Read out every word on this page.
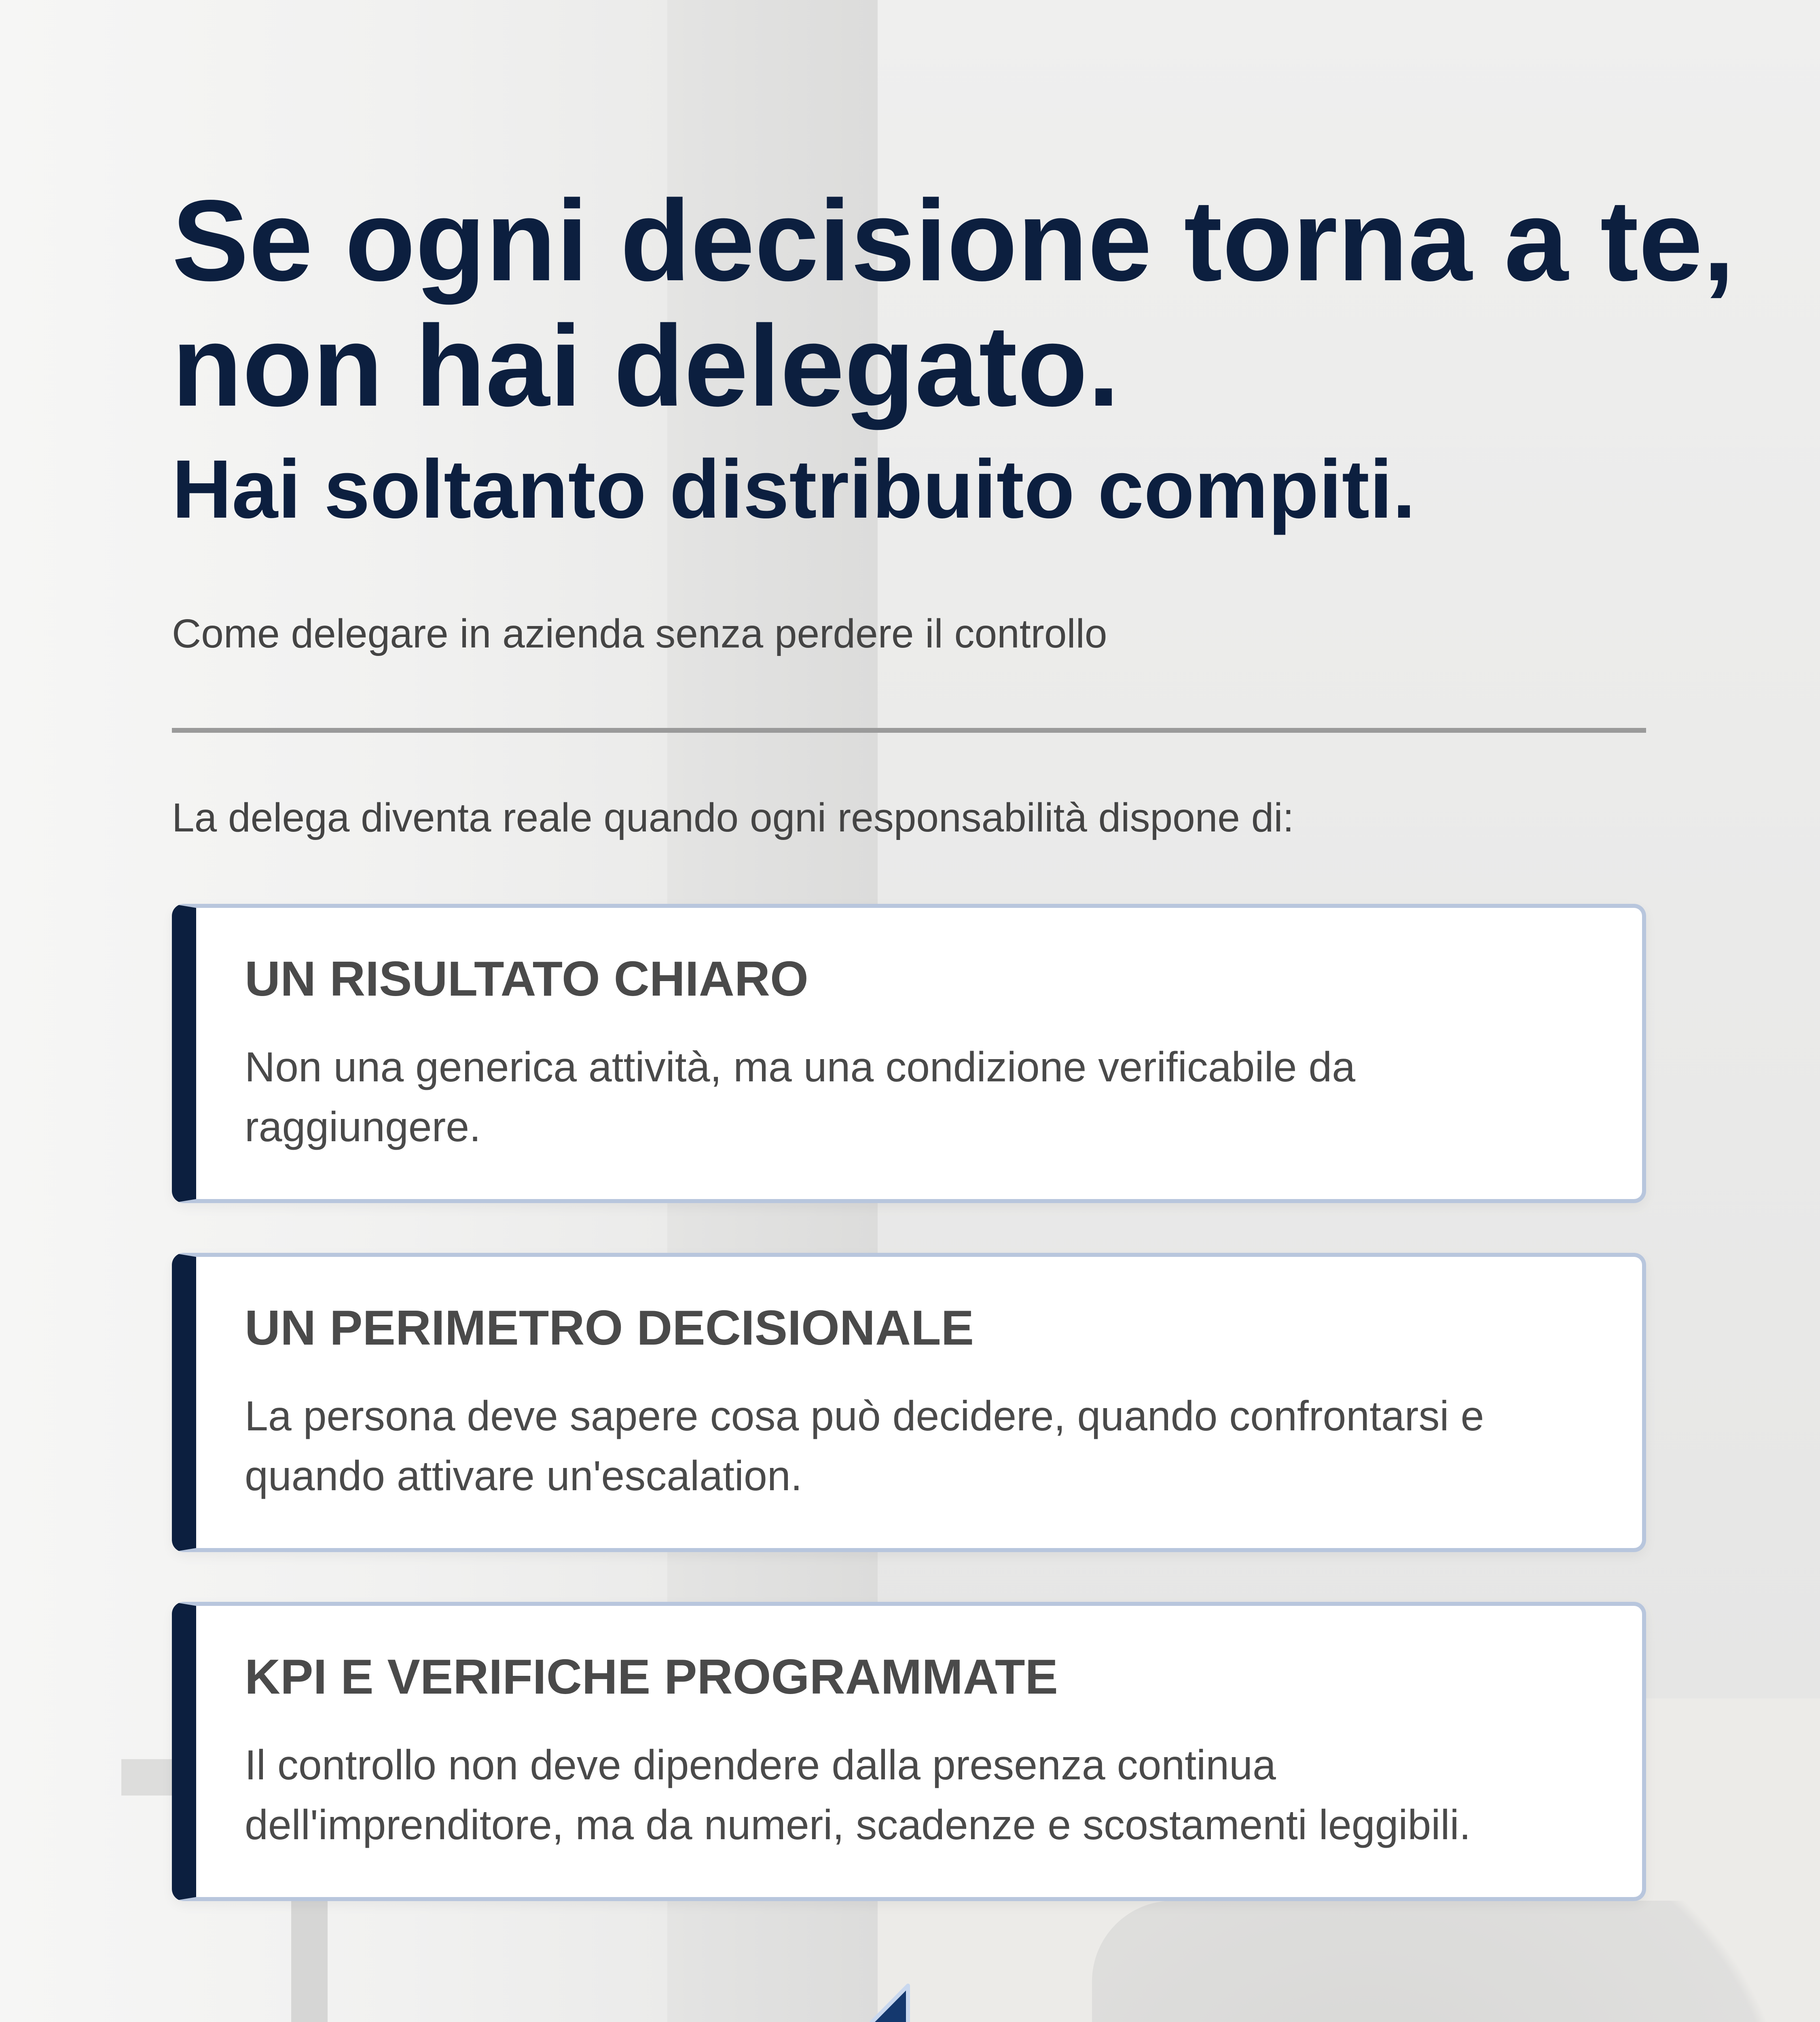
Se ogni decisione torna a te,
non hai delegato.
Hai soltanto distribuito compiti.
Come delegare in azienda senza perdere il controllo
La delega diventa reale quando ogni responsabilità dispone di:
UN RISULTATO CHIARO
Non una generica attività, ma una condizione verificabile da raggiungere.
UN PERIMETRO DECISIONALE
La persona deve sapere cosa può decidere, quando confrontarsi e quando attivare un'escalation.
KPI E VERIFICHE PROGRAMMATE
Il controllo non deve dipendere dalla presenza continua dell'imprenditore, ma da numeri, scadenze e scostamenti leggibili.
